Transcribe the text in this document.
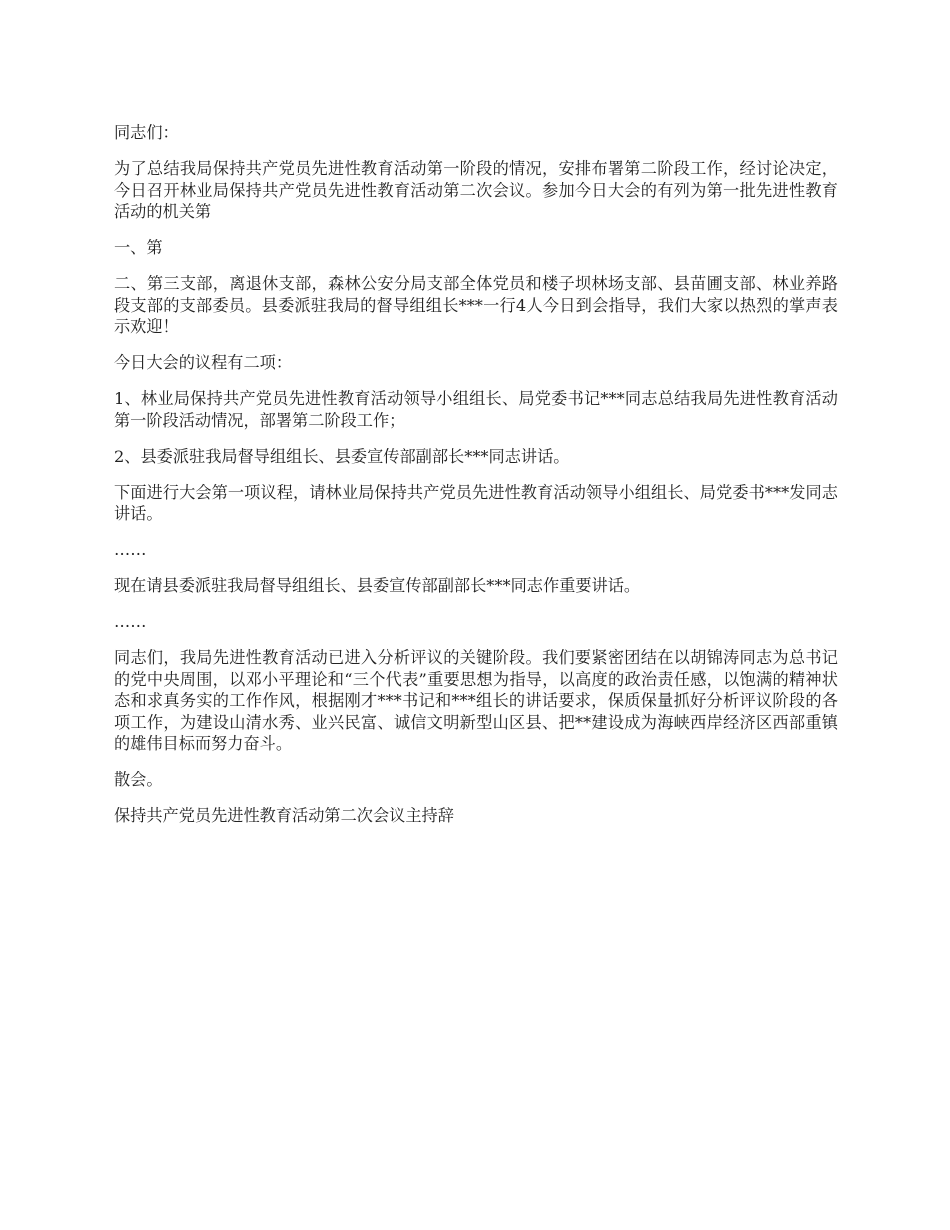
同志们：

为了总结我局保持共产党员先进性教育活动第一阶段的情况，安排布署第二阶段工作，经讨论决定，今日召开林业局保持共产党员先进性教育活动第二次会议。参加今日大会的有列为第一批先进性教育活动的机关第

一、第

二、第三支部，离退休支部，森林公安分局支部全体党员和楼子坝林场支部、县苗圃支部、林业养路段支部的支部委员。县委派驻我局的督导组组长***一行4人今日到会指导，我们大家以热烈的掌声表示欢迎！

今日大会的议程有二项：

1、林业局保持共产党员先进性教育活动领导小组组长、局党委书记***同志总结我局先进性教育活动第一阶段活动情况，部署第二阶段工作；

2、县委派驻我局督导组组长、县委宣传部副部长***同志讲话。

下面进行大会第一项议程，请林业局保持共产党员先进性教育活动领导小组组长、局党委书***发同志讲话。

……

现在请县委派驻我局督导组组长、县委宣传部副部长***同志作重要讲话。

……

同志们，我局先进性教育活动已进入分析评议的关键阶段。我们要紧密团结在以胡锦涛同志为总书记的党中央周围，以邓小平理论和“三个代表”重要思想为指导，以高度的政治责任感，以饱满的精神状态和求真务实的工作作风，根据刚才***书记和***组长的讲话要求，保质保量抓好分析评议阶段的各项工作，为建设山清水秀、业兴民富、诚信文明新型山区县、把**建设成为海峡西岸经济区西部重镇的雄伟目标而努力奋斗。

散会。

保持共产党员先进性教育活动第二次会议主持辞
